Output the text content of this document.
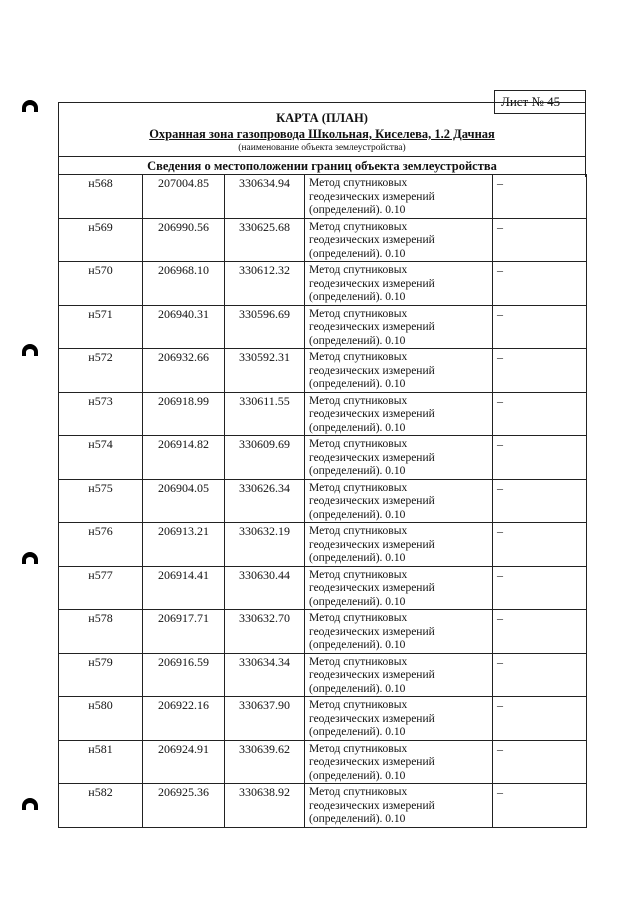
Лист № 45
КАРТА (ПЛАН)
Охранная зона газопровода Школьная, Киселева, 1.2 Дачная
(наименование объекта землеустройства)
Сведения о местоположении границ объекта землеустройства
н568	207004.85	330634.94	Метод спутниковых
геодезических измерений
(определений). 0.10	–
н569	206990.56	330625.68	Метод спутниковых
геодезических измерений
(определений). 0.10	–
н570	206968.10	330612.32	Метод спутниковых
геодезических измерений
(определений). 0.10	–
н571	206940.31	330596.69	Метод спутниковых
геодезических измерений
(определений). 0.10	–
н572	206932.66	330592.31	Метод спутниковых
геодезических измерений
(определений). 0.10	–
н573	206918.99	330611.55	Метод спутниковых
геодезических измерений
(определений). 0.10	–
н574	206914.82	330609.69	Метод спутниковых
геодезических измерений
(определений). 0.10	–
н575	206904.05	330626.34	Метод спутниковых
геодезических измерений
(определений). 0.10	–
н576	206913.21	330632.19	Метод спутниковых
геодезических измерений
(определений). 0.10	–
н577	206914.41	330630.44	Метод спутниковых
геодезических измерений
(определений). 0.10	–
н578	206917.71	330632.70	Метод спутниковых
геодезических измерений
(определений). 0.10	–
н579	206916.59	330634.34	Метод спутниковых
геодезических измерений
(определений). 0.10	–
н580	206922.16	330637.90	Метод спутниковых
геодезических измерений
(определений). 0.10	–
н581	206924.91	330639.62	Метод спутниковых
геодезических измерений
(определений). 0.10	–
н582	206925.36	330638.92	Метод спутниковых
геодезических измерений
(определений). 0.10	–
